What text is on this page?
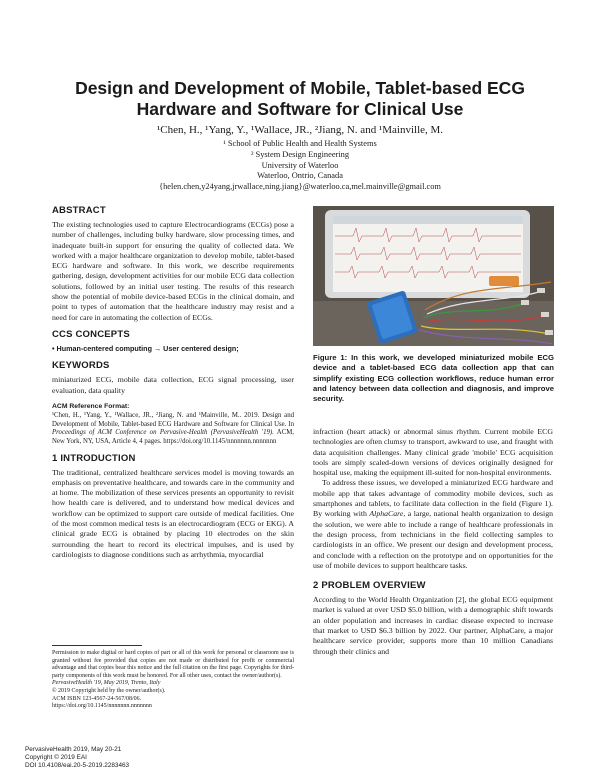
Design and Development of Mobile, Tablet-based ECG
Hardware and Software for Clinical Use
¹Chen, H., ¹Yang, Y., ¹Wallace, JR., ²Jiang, N. and ¹Mainville, M.
¹ School of Public Health and Health Systems
² System Design Engineering
University of Waterloo
Waterloo, Ontrio, Canada
{helen.chen,y24yang,jrwallace,ning.jiang}@waterloo.ca,mel.mainville@gmail.com
ABSTRACT

The existing technologies used to capture Electrocardiograms (ECGs) pose a number of challenges, including bulky hardware, slow processing times, and inadequate built-in support for ensuring the quality of collected data. We worked with a major healthcare organization to develop mobile, tablet-based ECG hardware and software. In this work, we describe requirements gathering, design, development activities for our mobile ECG data collection solutions, followed by an initial user testing. The results of this research show the potential of mobile device-based ECGs in the clinical domain, and point to types of automation that the healthcare industry may resist and a need for care in automating the collection of ECGs.

CCS CONCEPTS

• Human-centered computing → User centered design;

KEYWORDS

miniaturized ECG, mobile data collection, ECG signal processing, user evaluation, data quality

ACM Reference Format:

¹Chen, H., ¹Yang, Y., ¹Wallace, JR., ²Jiang, N. and ¹Mainville, M.. 2019. Design and Development of Mobile, Tablet-based ECG Hardware and Software for Clinical Use. In Proceedings of ACM Conference on Pervasive-Health (PervasiveHealth '19). ACM, New York, NY, USA, Article 4, 4 pages. https://doi.org/10.1145/nnnnnnn.nnnnnnn

1 INTRODUCTION

The traditional, centralized healthcare services model is moving towards an emphasis on preventative healthcare, and towards care in the community and at home. The mobilization of these services presents an opportunity to revisit how health care is delivered, and to understand how medical devices and workflow can be optimized to support care outside of medical facilities. One of the most common medical tests is an electrocardiogram (ECG or EKG). A clinical grade ECG is obtained by placing 10 electrodes on the skin surrounding the heart to record its electrical impulses, and is used by cardiologists to diagnose conditions such as arrhythmia, myocardial

Permission to make digital or hard copies of part or all of this work for personal or classroom use is granted without fee provided that copies are not made or distributed for profit or commercial advantage and that copies bear this notice and the full citation on the first page. Copyrights for third-party components of this work must be honored. For all other uses, contact the owner/author(s).

PervasiveHealth '19, May 2019, Trento, Italy

© 2019 Copyright held by the owner/author(s).

ACM ISBN 123-4567-24-567/08/06.

https://doi.org/10.1145/nnnnnnn.nnnnnnn

Figure 1: In this work, we developed miniaturized mobile ECG device and a tablet-based ECG data collection app that can simplify existing ECG collection workflows, reduce human error and latency between data collection and diagnosis, and improve security.

infraction (heart attack) or abnormal sinus rhythm. Current mobile ECG technologies are often clumsy to transport, awkward to use, and fraught with data acquisition challenges. Many clinical grade 'mobile' ECG acquisition tools are simply scaled-down versions of devices originally designed for hospital use, making the equipment ill-suited for non-hospital environments.

To address these issues, we developed a miniaturized ECG hardware and mobile app that takes advantage of commodity mobile devices, such as smartphones and tablets, to facilitate data collection in the field (Figure 1). By working with AlphaCare, a large, national health organization to design the solution, we were able to include a range of healthcare professionals in the design process, from technicians in the field collecting samples to cardiologists in an office. We present our design and development process, and conclude with a reflection on the prototype and on opportunities for the use of mobile devices to support healthcare tasks.

2 PROBLEM OVERVIEW

According to the World Health Organization [2], the global ECG equipment market is valued at over USD $5.0 billion, with a demographic shift towards an older population and increases in cardiac disease expected to increase that market to USD $6.3 billion by 2022. Our partner, AlphaCare, a major healthcare service provider, supports more than 10 million Canadians through their clinics and

PervasiveHealth 2019, May 20-21
Copyright © 2019 EAI
DOI 10.4108/eai.20-5-2019.2283463
